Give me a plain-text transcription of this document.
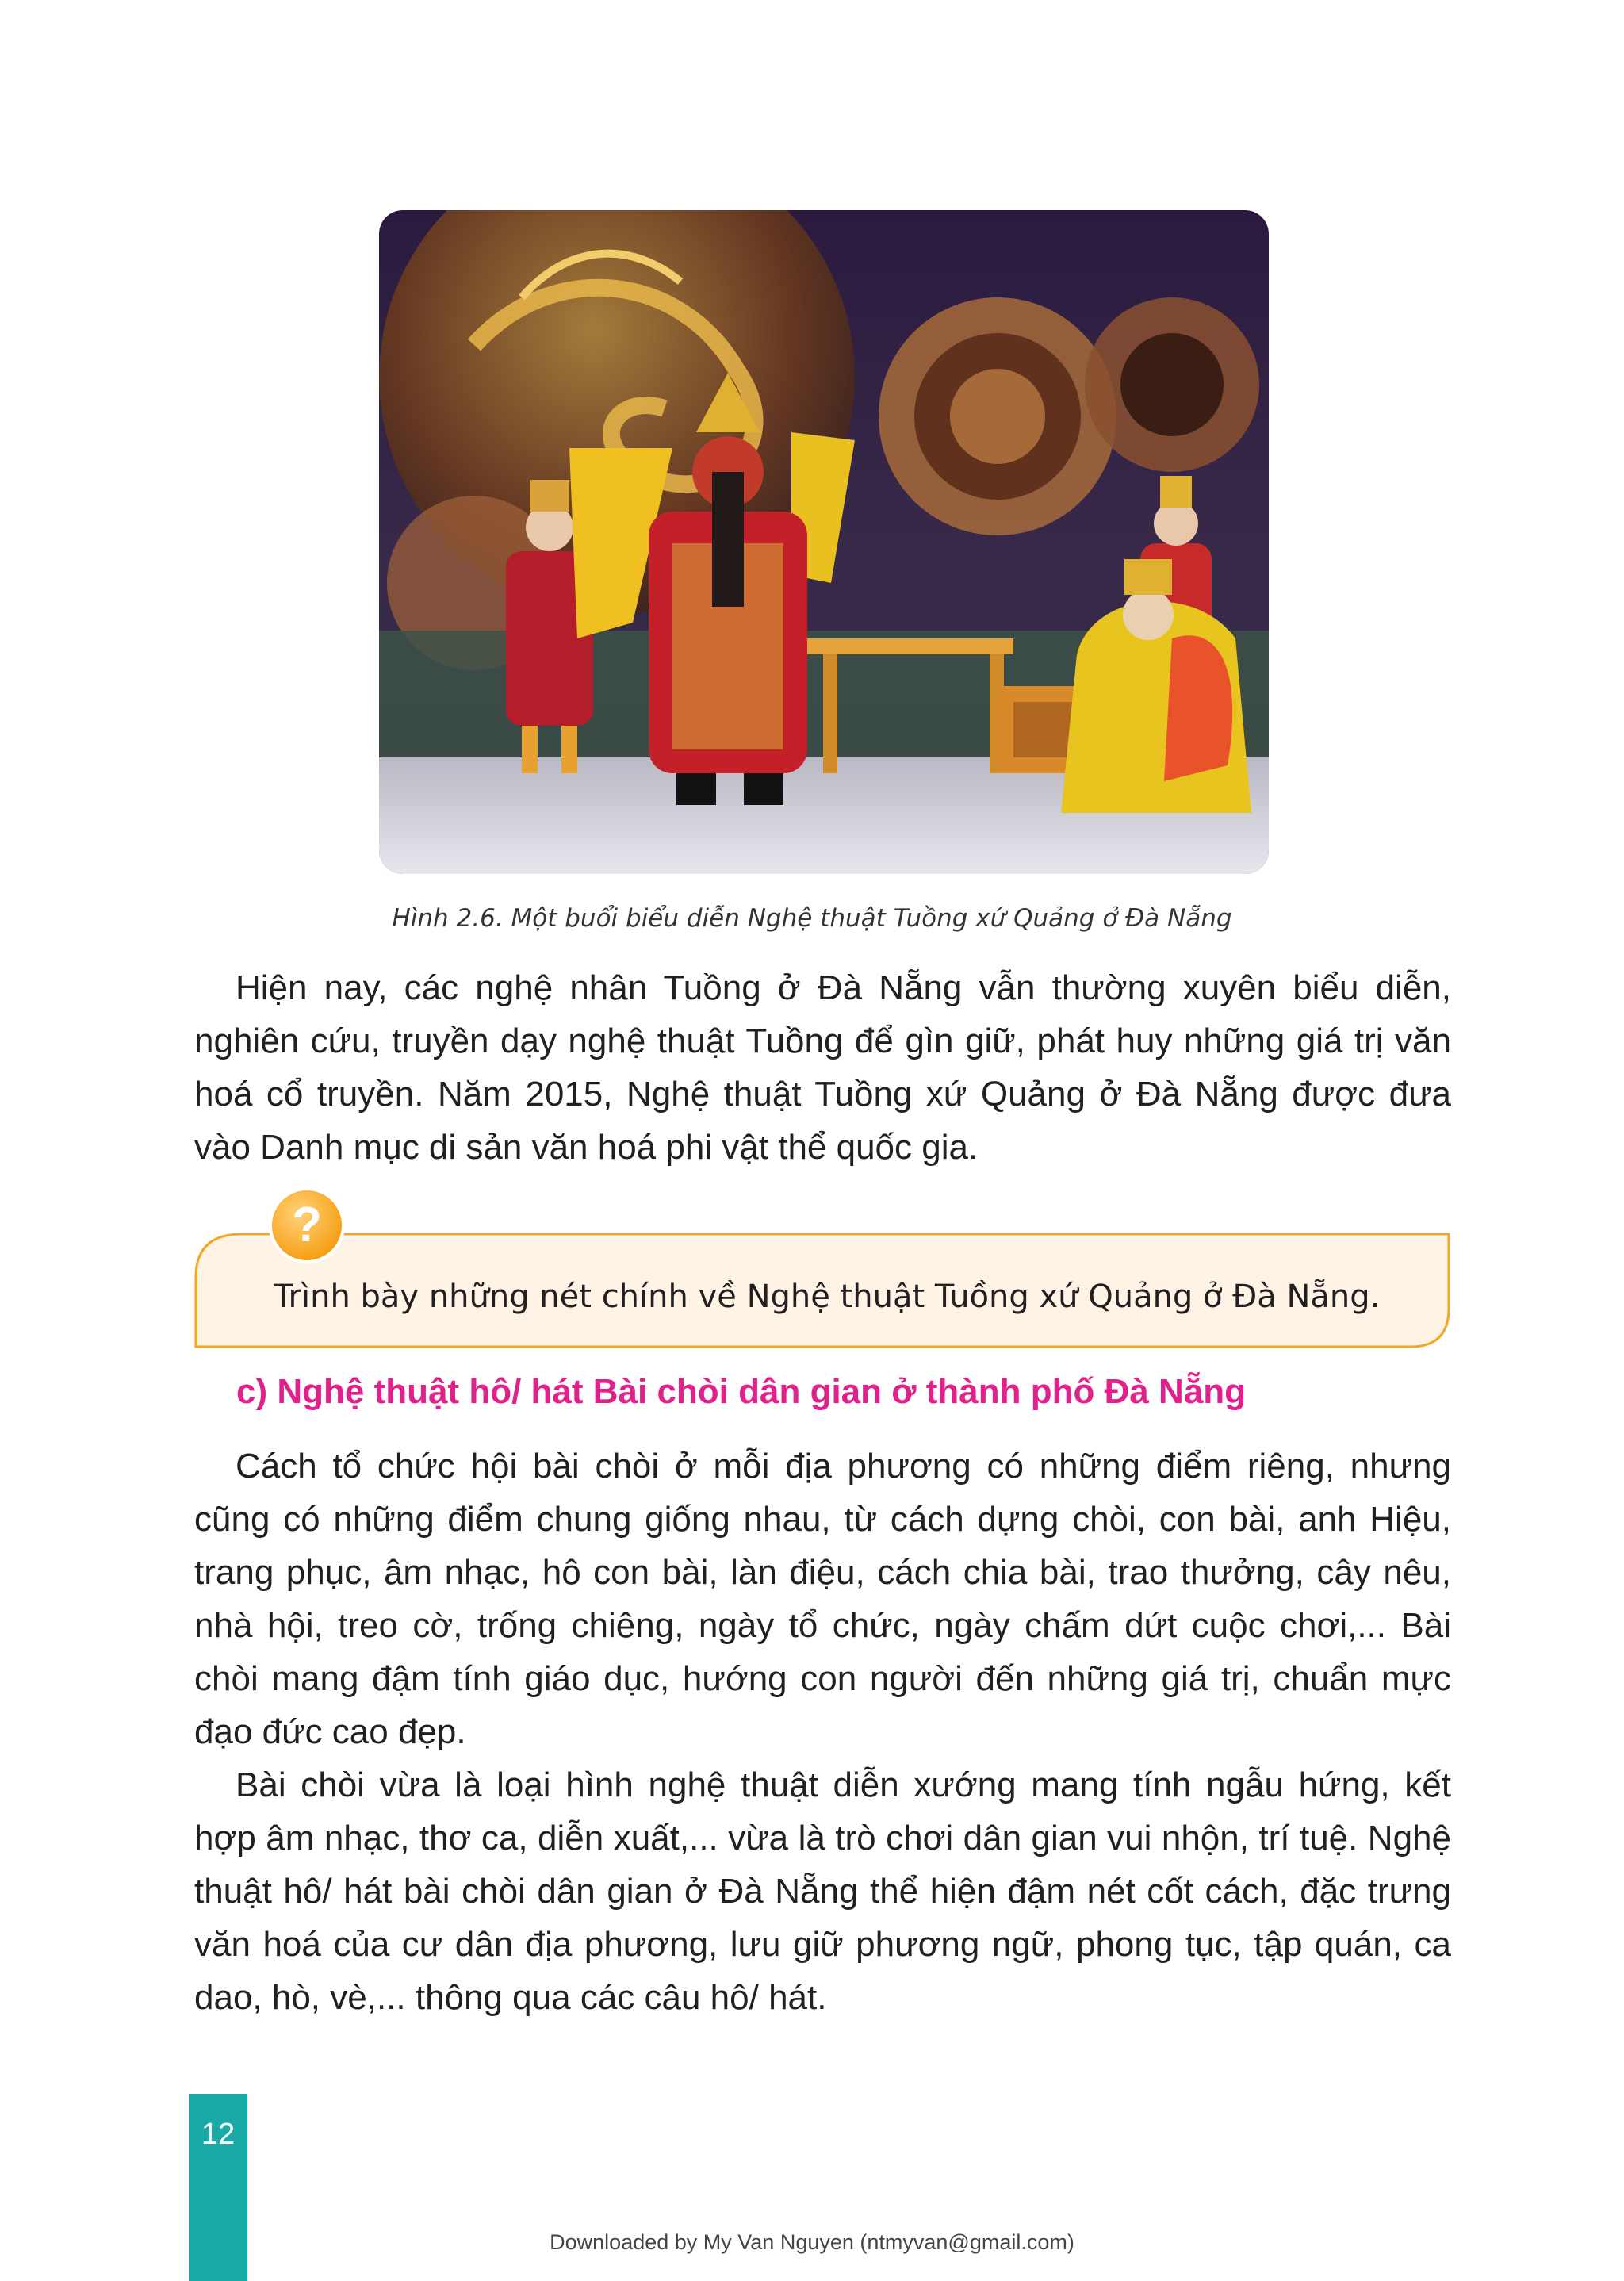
Hình 2.6. Một buổi biểu diễn Nghệ thuật Tuồng xứ Quảng ở Đà Nẵng

Hiện nay, các nghệ nhân Tuồng ở Đà Nẵng vẫn thường xuyên biểu diễn, nghiên cứu, truyền dạy nghệ thuật Tuồng để gìn giữ, phát huy những giá trị văn hoá cổ truyền. Năm 2015, Nghệ thuật Tuồng xứ Quảng ở Đà Nẵng được đưa vào Danh mục di sản văn hoá phi vật thể quốc gia.

?
Trình bày những nét chính về Nghệ thuật Tuồng xứ Quảng ở Đà Nẵng.
c) Nghệ thuật hô/ hát Bài chòi dân gian ở thành phố Đà Nẵng

Cách tổ chức hội bài chòi ở mỗi địa phương có những điểm riêng, nhưng cũng có những điểm chung giống nhau, từ cách dựng chòi, con bài, anh Hiệu, trang phục, âm nhạc, hô con bài, làn điệu, cách chia bài, trao thưởng, cây nêu, nhà hội, treo cờ, trống chiêng, ngày tổ chức, ngày chấm dứt cuộc chơi,... Bài chòi mang đậm tính giáo dục, hướng con người đến những giá trị, chuẩn mực đạo đức cao đẹp.

Bài chòi vừa là loại hình nghệ thuật diễn xướng mang tính ngẫu hứng, kết hợp âm nhạc, thơ ca, diễn xuất,... vừa là trò chơi dân gian vui nhộn, trí tuệ. Nghệ thuật hô/ hát bài chòi dân gian ở Đà Nẵng thể hiện đậm nét cốt cách, đặc trưng văn hoá của cư dân địa phương, lưu giữ phương ngữ, phong tục, tập quán, ca dao, hò, vè,... thông qua các câu hô/ hát.

12
Downloaded by My Van Nguyen (ntmyvan@gmail.com)
